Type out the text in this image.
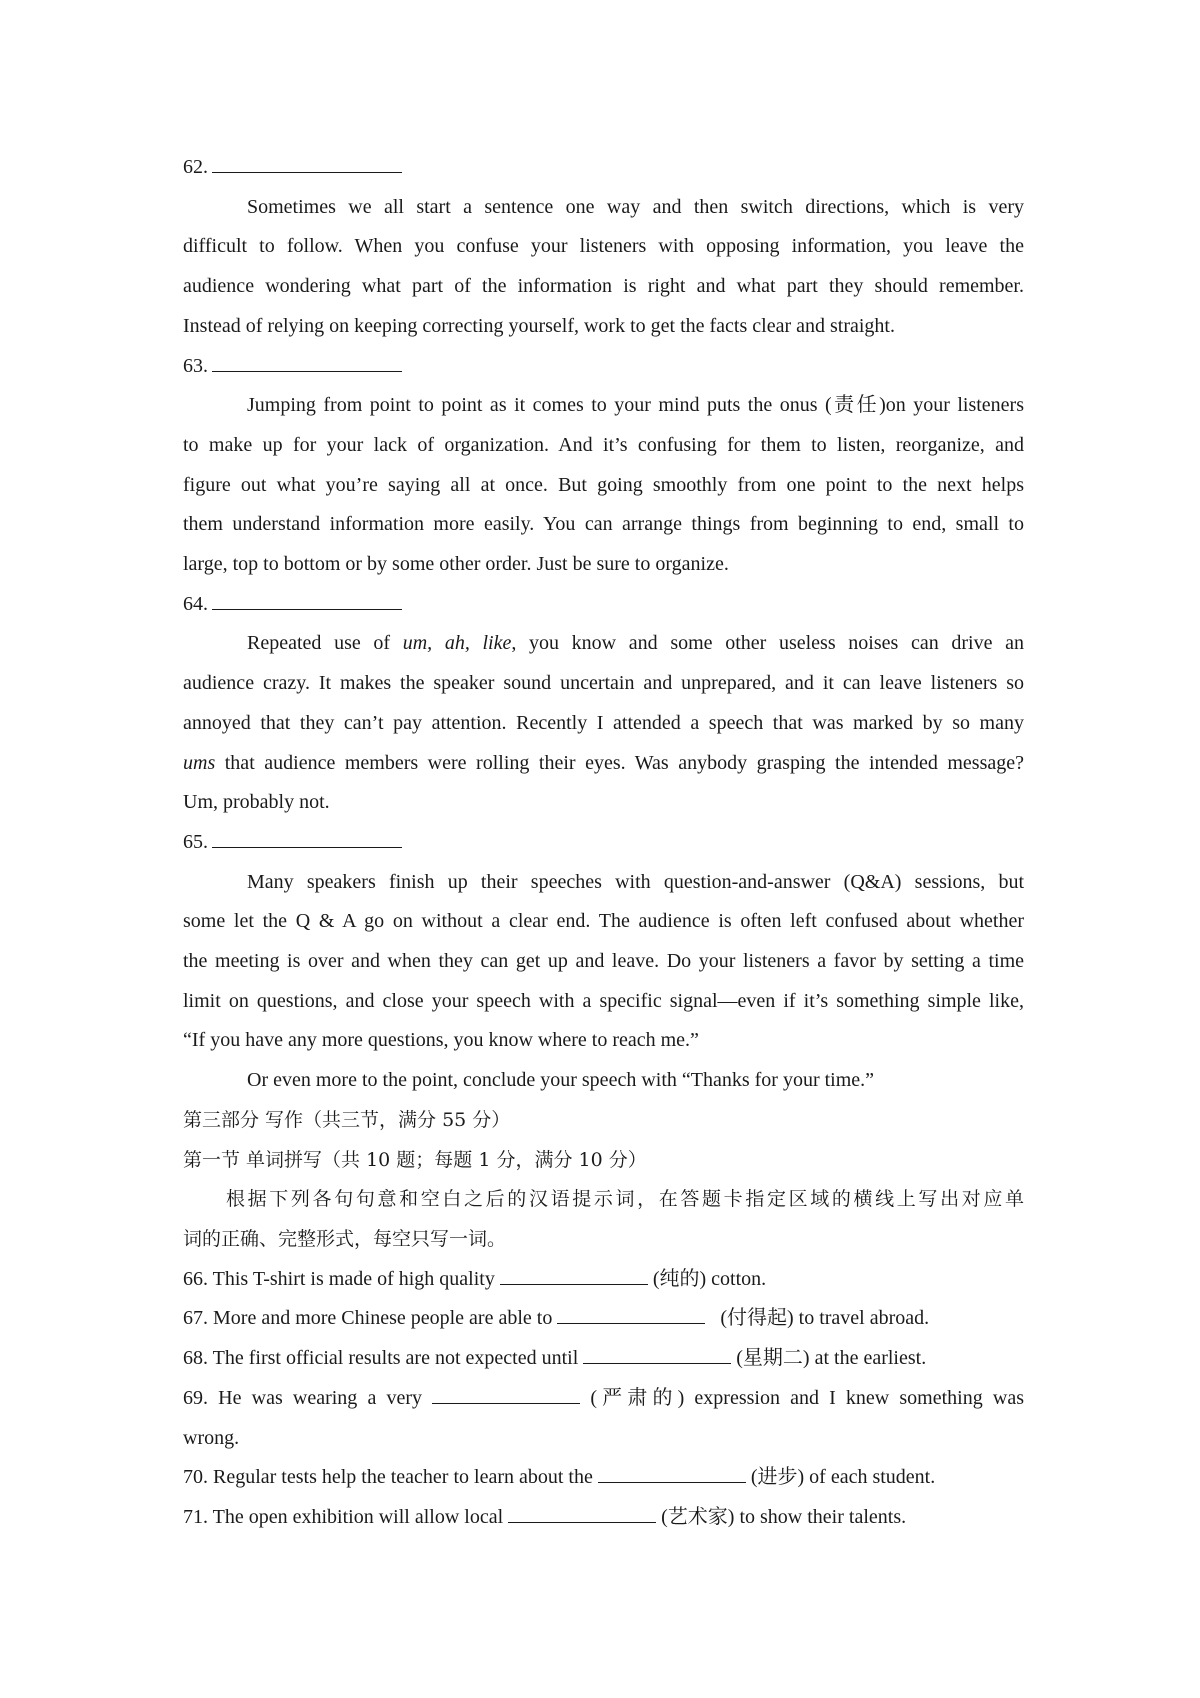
62.
Sometimes we all start a sentence one way and then switch directions, which is very
difficult to follow. When you confuse your listeners with opposing information, you leave the
audience wondering what part of the information is right and what part they should remember.
Instead of relying on keeping correcting yourself, work to get the facts clear and straight.
63.
Jumping from point to point as it comes to your mind puts the onus (责任)on your listeners
to make up for your lack of organization. And it’s confusing for them to listen, reorganize, and
figure out what you’re saying all at once. But going smoothly from one point to the next helps
them understand information more easily. You can arrange things from beginning to end, small to
large, top to bottom or by some other order. Just be sure to organize.
64.
Repeated use of um, ah, like, you know and some other useless noises can drive an
audience crazy. It makes the speaker sound uncertain and unprepared, and it can leave listeners so
annoyed that they can’t pay attention. Recently I attended a speech that was marked by so many
ums that audience members were rolling their eyes. Was anybody grasping the intended message?
Um, probably not.
65.
Many speakers finish up their speeches with question-and-answer (Q&A) sessions, but
some let the Q & A go on without a clear end. The audience is often left confused about whether
the meeting is over and when they can get up and leave. Do your listeners a favor by setting a time
limit on questions, and close your speech with a specific signal—even if it’s something simple like,
“If you have any more questions, you know where to reach me.”
Or even more to the point, conclude your speech with “Thanks for your time.”
第三部分 写作（共三节，满分 55 分）
第一节 单词拼写（共 10 题；每题 1 分，满分 10 分）
根据下列各句句意和空白之后的汉语提示词，在答题卡指定区域的横线上写出对应单
词的正确、完整形式，每空只写一词。
66. This T-shirt is made of high quality	(纯的) cotton.
67. More and more Chinese people are able to	(付得起) to travel abroad.
68. The first official results are not expected until	(星期二) at the earliest.
69. He was wearing a very	(严肃的) expression and I knew something was
wrong.
70. Regular tests help the teacher to learn about the	(进步) of each student.
71. The open exhibition will allow local	(艺术家) to show their talents.
